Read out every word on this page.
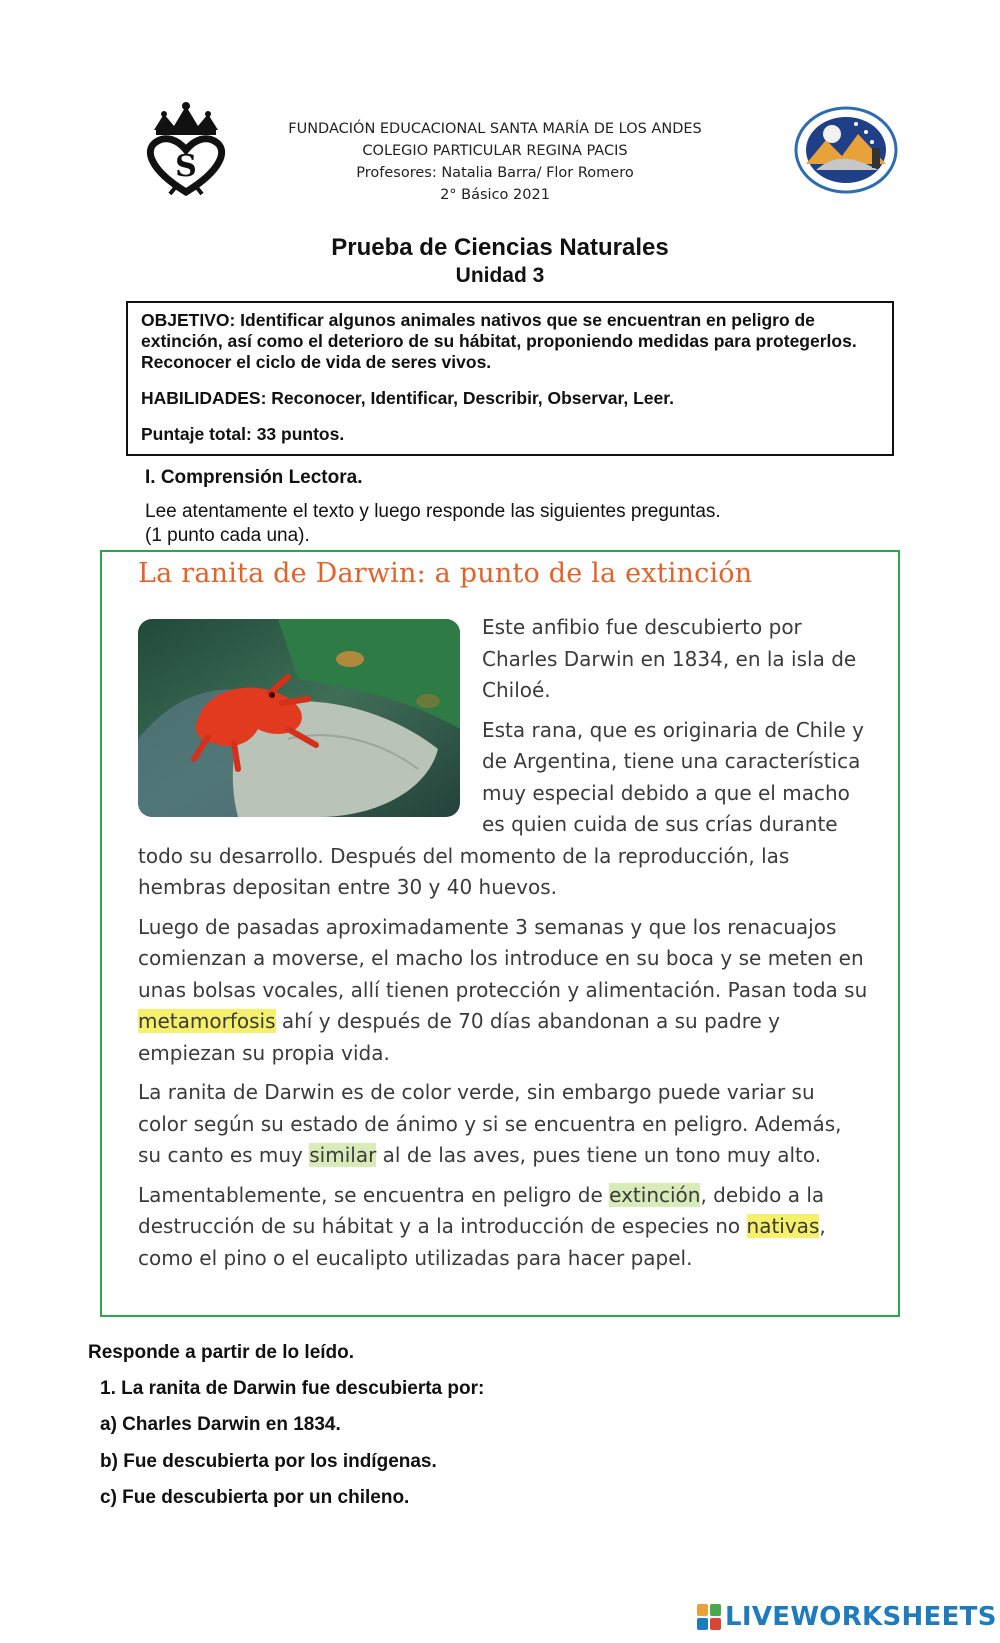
S
FUNDACIÓN EDUCACIONAL SANTA MARÍA DE LOS ANDES
COLEGIO PARTICULAR REGINA PACIS
Profesores: Natalia Barra/ Flor Romero
2° Básico 2021
Prueba de Ciencias Naturales
Unidad 3

OBJETIVO: Identificar algunos animales nativos que se encuentran en peligro de extinción, así como el deterioro de su hábitat, proponiendo medidas para protegerlos. Reconocer el ciclo de vida de seres vivos.

HABILIDADES: Reconocer, Identificar, Describir, Observar, Leer.

Puntaje total: 33 puntos.

I. Comprensión Lectora.
Lee atentamente el texto y luego responde las siguientes preguntas.
(1 punto cada una).
La ranita de Darwin: a punto de la extinción

Este anfibio fue descubierto por Charles Darwin en 1834, en la isla de Chiloé.

Esta rana, que es originaria de Chile y de Argentina, tiene una característica muy especial debido a que el macho es quien cuida de sus crías durante todo su desarrollo. Después del momento de la reproducción, las hembras depositan entre 30 y 40 huevos.

Luego de pasadas aproximadamente 3 semanas y que los renacuajos comienzan a moverse, el macho los introduce en su boca y se meten en unas bolsas vocales, allí tienen protección y alimentación. Pasan toda su metamorfosis ahí y después de 70 días abandonan a su padre y empiezan su propia vida.

La ranita de Darwin es de color verde, sin embargo puede variar su color según su estado de ánimo y si se encuentra en peligro. Además, su canto es muy similar al de las aves, pues tiene un tono muy alto.

Lamentablemente, se encuentra en peligro de extinción, debido a la destrucción de su hábitat y a la introducción de especies no nativas, como el pino o el eucalipto utilizadas para hacer papel.

Responde a partir de lo leído.
1. La ranita de Darwin fue descubierta por:
a) Charles Darwin en 1834.
b) Fue descubierta por los indígenas.
c) Fue descubierta por un chileno.
LIVEWORKSHEETS
